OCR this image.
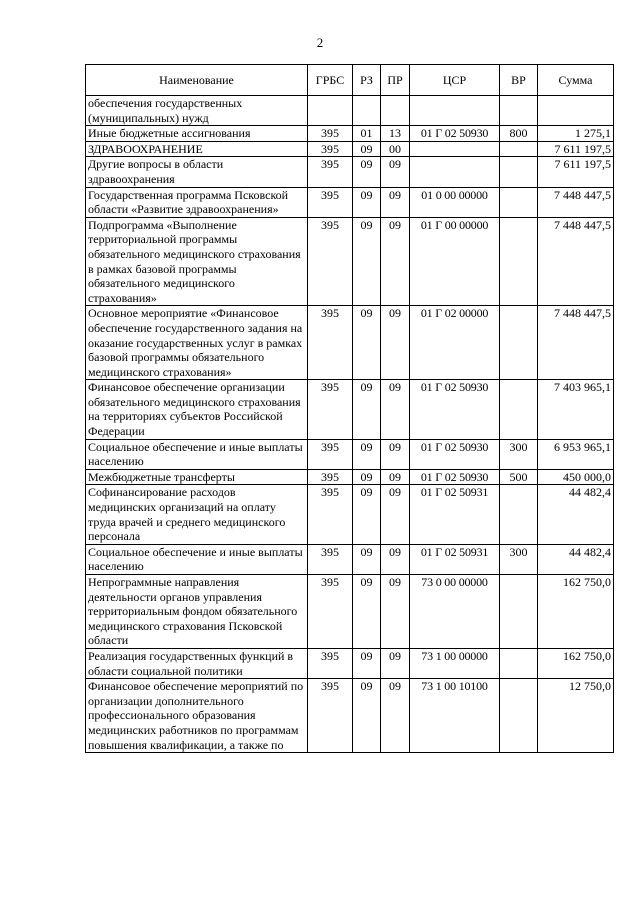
2
Наименование	ГРБС	РЗ	ПР	ЦСР	ВР	Сумма
обеспечения государственных (муниципальных) нужд						
Иные бюджетные ассигнования	395	01	13	01 Г 02 50930	800	1 275,1
ЗДРАВООХРАНЕНИЕ	395	09	00			7 611 197,5
Другие вопросы в области здравоохранения	395	09	09			7 611 197,5
Государственная программа Псковской области «Развитие здравоохранения»	395	09	09	01 0 00 00000		7 448 447,5
Подпрограмма «Выполнение территориальной программы обязательного медицинского страхования в рамках базовой программы обязательного медицинского страхования»	395	09	09	01 Г 00 00000		7 448 447,5
Основное мероприятие «Финансовое обеспечение государственного задания на оказание государственных услуг в рамках базовой программы обязательного медицинского страхования»	395	09	09	01 Г 02 00000		7 448 447,5
Финансовое обеспечение организации обязательного медицинского страхования на территориях субъектов Российской Федерации	395	09	09	01 Г 02 50930		7 403 965,1
Социальное обеспечение и иные выплаты населению	395	09	09	01 Г 02 50930	300	6 953 965,1
Межбюджетные трансферты	395	09	09	01 Г 02 50930	500	450 000,0
Софинансирование расходов медицинских организаций на оплату труда врачей и среднего медицинского персонала	395	09	09	01 Г 02 50931		44 482,4
Социальное обеспечение и иные выплаты населению	395	09	09	01 Г 02 50931	300	44 482,4
Непрограммные направления деятельности органов управления территориальным фондом обязательного медицинского страхования Псковской области	395	09	09	73 0 00 00000		162 750,0
Реализация государственных функций в области социальной политики	395	09	09	73 1 00 00000		162 750,0
Финансовое обеспечение мероприятий по организации дополнительного профессионального образования медицинских работников по программам повышения квалификации, а также по	395	09	09	73 1 00 10100		12 750,0
